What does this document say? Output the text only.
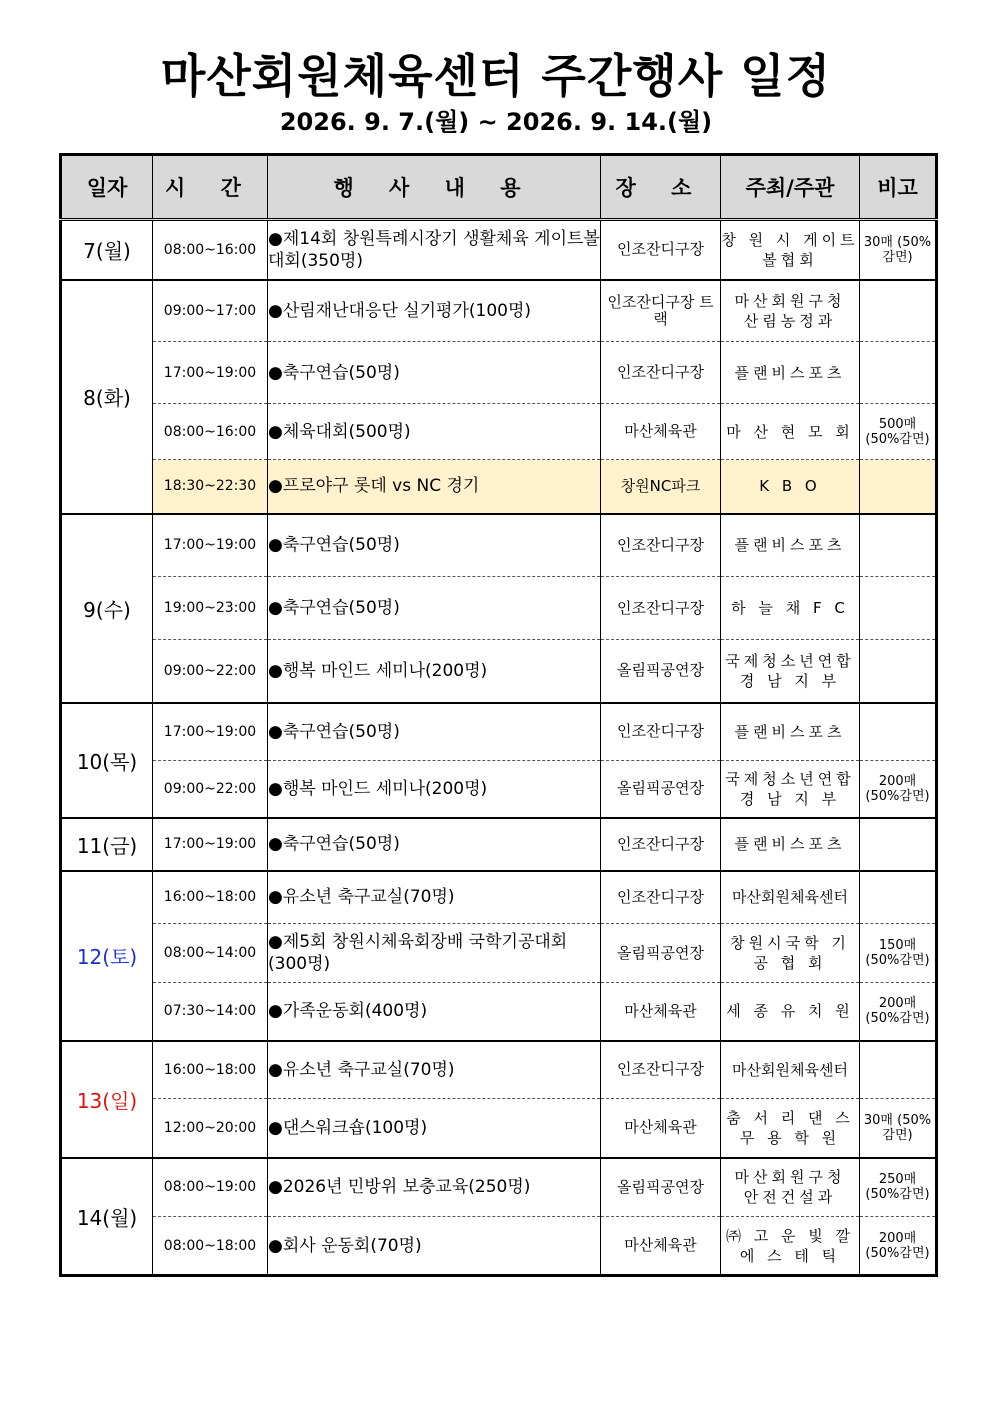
마산회원체육센터 주간행사 일정
2026. 9. 7.(월) ~ 2026. 9. 14.(월)
일자	시 간	행 사 내 용	장 소	주최/주관	비고
7(월)	08:00~16:00	●제14회 창원특례시장기 생활체육 게이트볼대회(350명)	인조잔디구장	창 원 시 게이트볼협회	30매 (50%감면)
8(화)	09:00~17:00	●산림재난대응단 실기평가(100명)	인조잔디구장 트 랙	마산회원구청 산림농정과	
	17:00~19:00	●축구연습(50명)	인조잔디구장	플랜비스포츠	
	08:00~16:00	●체육대회(500명)	마산체육관	마 산 현 모 회	500매 (50%감면)
	18:30~22:30	●프로야구 롯데 vs NC 경기	창원NC파크	K B O	
9(수)	17:00~19:00	●축구연습(50명)	인조잔디구장	플랜비스포츠	
	19:00~23:00	●축구연습(50명)	인조잔디구장	하 늘 채 F C	
	09:00~22:00	●행복 마인드 세미나(200명)	올림픽공연장	국제청소년연합 경 남 지 부	
10(목)	17:00~19:00	●축구연습(50명)	인조잔디구장	플랜비스포츠	
	09:00~22:00	●행복 마인드 세미나(200명)	올림픽공연장	국제청소년연합 경 남 지 부	200매 (50%감면)
11(금)	17:00~19:00	●축구연습(50명)	인조잔디구장	플랜비스포츠	
12(토)	16:00~18:00	●유소년 축구교실(70명)	인조잔디구장	마산회원체육센터	
	08:00~14:00	●제5회 창원시체육회장배 국학기공대회(300명)	올림픽공연장	창원시국학 기 공 협 회	150매 (50%감면)
	07:30~14:00	●가족운동회(400명)	마산체육관	세 종 유 치 원	200매 (50%감면)
13(일)	16:00~18:00	●유소년 축구교실(70명)	인조잔디구장	마산회원체육센터	
	12:00~20:00	●댄스워크숍(100명)	마산체육관	춤 서 리 댄 스 무 용 학 원	30매 (50%감면)
14(월)	08:00~19:00	●2026년 민방위 보충교육(250명)	올림픽공연장	마산회원구청 안전건설과	250매 (50%감면)
	08:00~18:00	●회사 운동회(70명)	마산체육관	㈜ 고 운 빛 깔 에 스 테 틱	200매 (50%감면)
